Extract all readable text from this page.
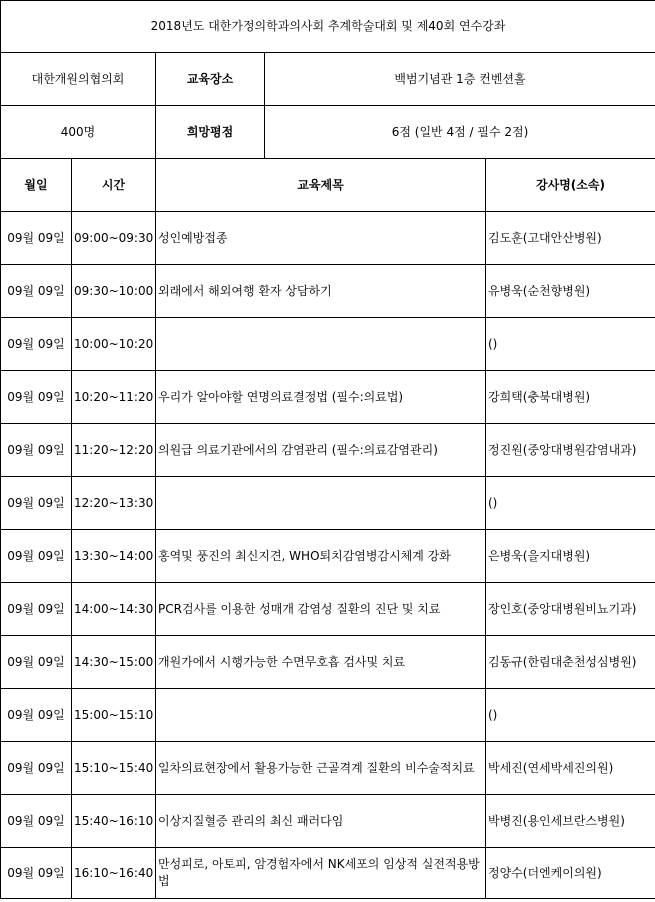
2018년도 대한가정의학과의사회 추계학술대회 및 제40회 연수강좌				
대한개원의협의회		교육장소	백범기념관 1층 컨벤션홀	
400명		희망평점	6점 (일반 4점 / 필수 2점)	
월일	시간	교육제목		강사명(소속)
09월 09일	09:00~09:30	성인예방접종		김도훈(고대안산병원)
09월 09일	09:30~10:00	외래에서 해외여행 환자 상담하기		유병욱(순천향병원)
09월 09일	10:00~10:20			()
09월 09일	10:20~11:20	우리가 알아야할 연명의료결정법 (필수:의료법)		강희택(충북대병원)
09월 09일	11:20~12:20	의원급 의료기관에서의 감염관리 (필수:의료감염관리)		정진원(중앙대병원감염내과)
09월 09일	12:20~13:30			()
09월 09일	13:30~14:00	홍역및 풍진의 최신지견, WHO퇴치감염병감시체계 강화		은병욱(을지대병원)
09월 09일	14:00~14:30	PCR검사를 이용한 성매개 감염성 질환의 진단 및 치료		장인호(중앙대병원비뇨기과)
09월 09일	14:30~15:00	개원가에서 시행가능한 수면무호흡 검사및 치료		김동규(한림대춘천성심병원)
09월 09일	15:00~15:10			()
09월 09일	15:10~15:40	일차의료현장에서 활용가능한 근골격계 질환의 비수술적치료		박세진(연세박세진의원)
09월 09일	15:40~16:10	이상지질혈증 관리의 최신 패러다임		박병진(용인세브란스병원)
09월 09일	16:10~16:40	만성피로, 아토피, 암경험자에서 NK세포의 임상적 실전적용방법		정양수(더엔케이의원)
